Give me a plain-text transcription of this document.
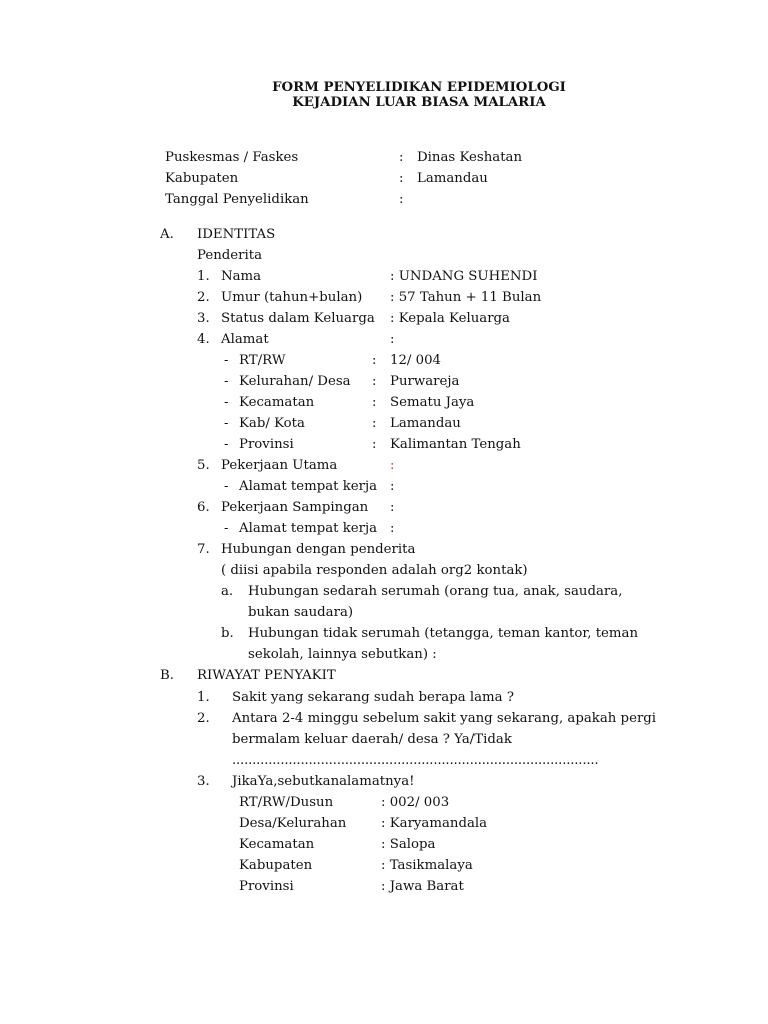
FORM PENYELIDIKAN EPIDEMIOLOGI
KEJADIAN LUAR BIASA MALARIA
Puskesmas / Faskes	: Dinas Keshatan
Kabupaten	: Lamandau
Tanggal Penyelidikan	:
A. IDENTITAS
Penderita
1. Nama	: UNDANG SUHENDI
2. Umur (tahun+bulan) : 57 Tahun + 11 Bulan
3. Status dalam Keluarga : Kepala Keluarga
4. Alamat	:
- RT/RW	: 12/ 004
- Kelurahan/ Desa : Purwareja
- Kecamatan	: Sematu Jaya
- Kab/ Kota	: Lamandau
- Provinsi	: Kalimantan Tengah
5. Pekerjaan Utama	:
- Alamat tempat kerja :
6. Pekerjaan Sampingan :
- Alamat tempat kerja :
7. Hubungan dengan penderita
( diisi apabila responden adalah org2 kontak)
a. Hubungan sedarah serumah (orang tua, anak, saudara,
bukan saudara)
b. Hubungan tidak serumah (tetangga, teman kantor, teman
sekolah, lainnya sebutkan) :
B. RIWAYAT PENYAKIT
1. Sakit yang sekarang sudah berapa lama ?
2. Antara 2-4 minggu sebelum sakit yang sekarang, apakah pergi
bermalam keluar daerah/ desa ? Ya/Tidak
...........................................................................................
3. JikaYa,sebutkanalamatnya!
RT/RW/Dusun	: 002/ 003
Desa/Kelurahan	: Karyamandala
Kecamatan	: Salopa
Kabupaten	: Tasikmalaya
Provinsi	: Jawa Barat
